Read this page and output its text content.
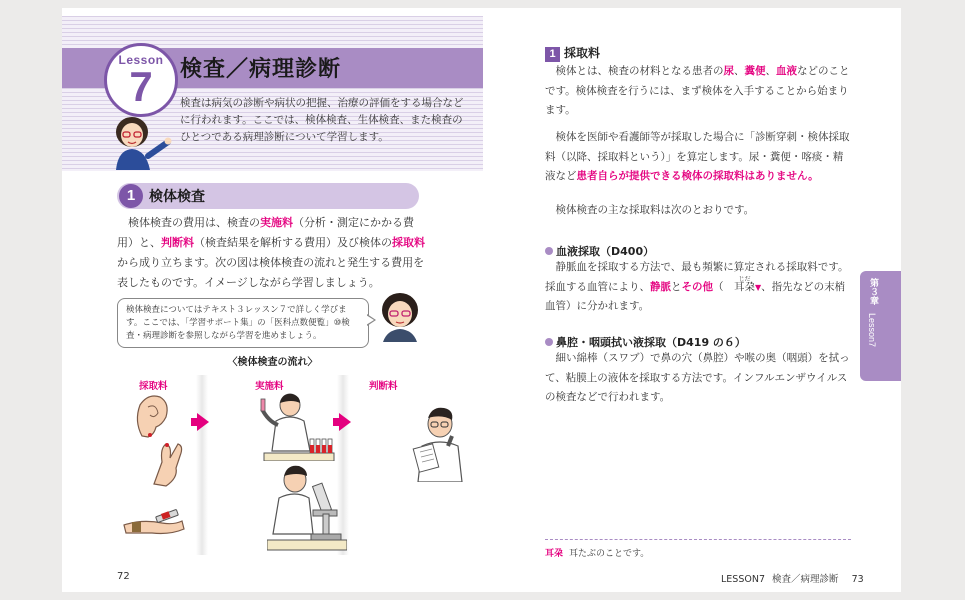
Lesson
7	検査／病理診断
検査は病気の診断や病状の把握、治療の評価をする場合などに行われます。ここでは、検体検査、生体検査、また検査のひとつである病理診断について学習します。
1 検体検査

検体検査の費用は、検査の実施料（分析・測定にかかる費用）と、判断料（検査結果を解析する費用）及び検体の採取料から成り立ちます。次の図は検体検査の流れと発生する費用を表したものです。イメージしながら学習しましょう。

検体検査についてはテキスト３レッスン７で詳しく学びます。ここでは、「学習サポート集」の「医科点数便覧」⑩検査・病理診断を参照しながら学習を進めましょう。
〈検体検査の流れ〉
採取料	実施料	判断料
72
1 採取料

検体とは、検査の材料となる患者の尿、糞便、血液などのことです。検体検査を行うには、まず検体を入手することから始まります。

検体を医師や看護師等が採取した場合に「診断穿刺・検体採取料（以降、採取料という）」を算定します。尿・糞便・喀痰・精液など患者自らが提供できる検体の採取料はありません。

検体検査の主な採取料は次のとおりです。

血液採取（D400）

静脈血を採取する方法で、最も頻繁に算定される採取料です。採血する血管により、静脈とその他（
じだ
耳朶▼、指先などの末梢血管）に分かれます。

鼻腔・咽頭拭い液採取（D419 の６）

細い綿棒（スワブ）で鼻の穴（鼻腔）や喉の奥（咽頭）を拭って、粘膜上の液体を採取する方法です。インフルエンザウイルスの検査などで行われます。

耳朶 耳たぶのことです。
第３章
Lesson7
LESSON7 検査／病理診断 73
